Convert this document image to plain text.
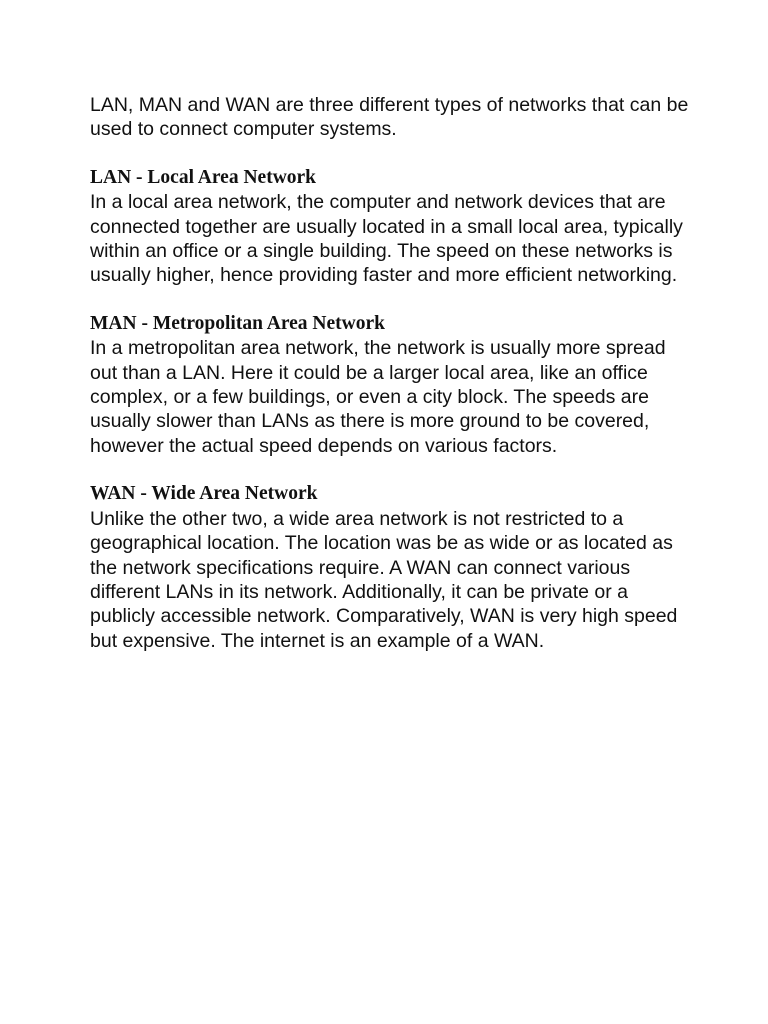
LAN, MAN and WAN are three different types of networks that can be used to connect computer systems.

LAN - Local Area Network

In a local area network, the computer and network devices that are connected together are usually located in a small local area, typically within an office or a single building. The speed on these networks is usually higher, hence providing faster and more efficient networking.

MAN - Metropolitan Area Network

In a metropolitan area network, the network is usually more spread out than a LAN. Here it could be a larger local area, like an office complex, or a few buildings, or even a city block. The speeds are usually slower than LANs as there is more ground to be covered, however the actual speed depends on various factors.

WAN - Wide Area Network

Unlike the other two, a wide area network is not restricted to a geographical location. The location was be as wide or as located as the network specifications require. A WAN can connect various different LANs in its network. Additionally, it can be private or a publicly accessible network. Comparatively, WAN is very high speed but expensive. The internet is an example of a WAN.
